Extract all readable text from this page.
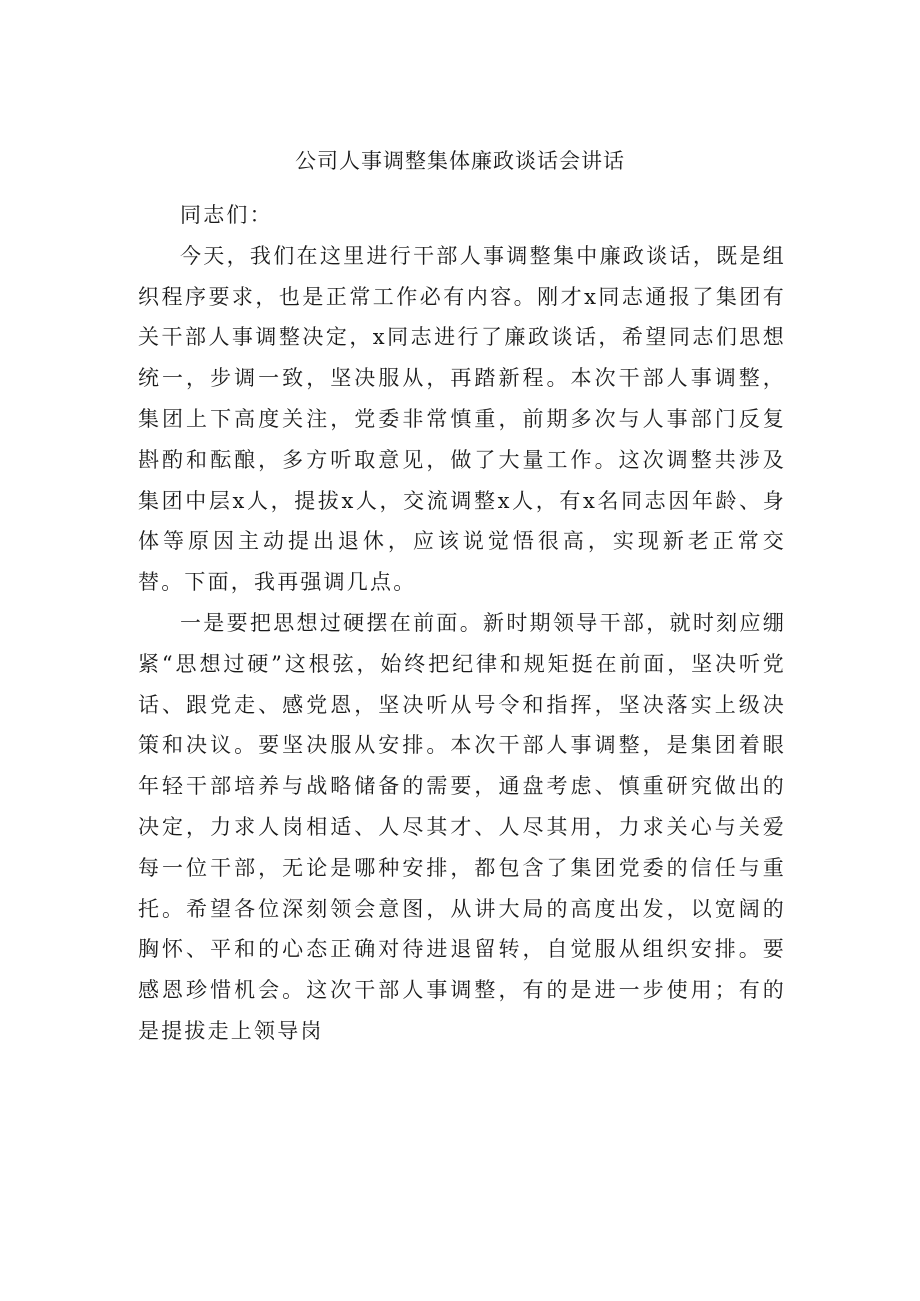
公司人事调整集体廉政谈话会讲话

同志们：

今天，我们在这里进行干部人事调整集中廉政谈话，既是组织程序要求，也是正常工作必有内容。刚才x同志通报了集团有关干部人事调整决定，x同志进行了廉政谈话，希望同志们思想统一，步调一致，坚决服从，再踏新程。本次干部人事调整，集团上下高度关注，党委非常慎重，前期多次与人事部门反复斟酌和酝酿，多方听取意见，做了大量工作。这次调整共涉及集团中层x人，提拔x人，交流调整x人，有x名同志因年龄、身体等原因主动提出退休，应该说觉悟很高，实现新老正常交替。下面，我再强调几点。

一是要把思想过硬摆在前面。新时期领导干部，就时刻应绷紧“思想过硬”这根弦，始终把纪律和规矩挺在前面，坚决听党话、跟党走、感党恩，坚决听从号令和指挥，坚决落实上级决策和决议。要坚决服从安排。本次干部人事调整，是集团着眼年轻干部培养与战略储备的需要，通盘考虑、慎重研究做出的决定，力求人岗相适、人尽其才、人尽其用，力求关心与关爱每一位干部，无论是哪种安排，都包含了集团党委的信任与重托。希望各位深刻领会意图，从讲大局的高度出发，以宽阔的胸怀、平和的心态正确对待进退留转，自觉服从组织安排。要感恩珍惜机会。这次干部人事调整，有的是进一步使用；有的是提拔走上领导岗
